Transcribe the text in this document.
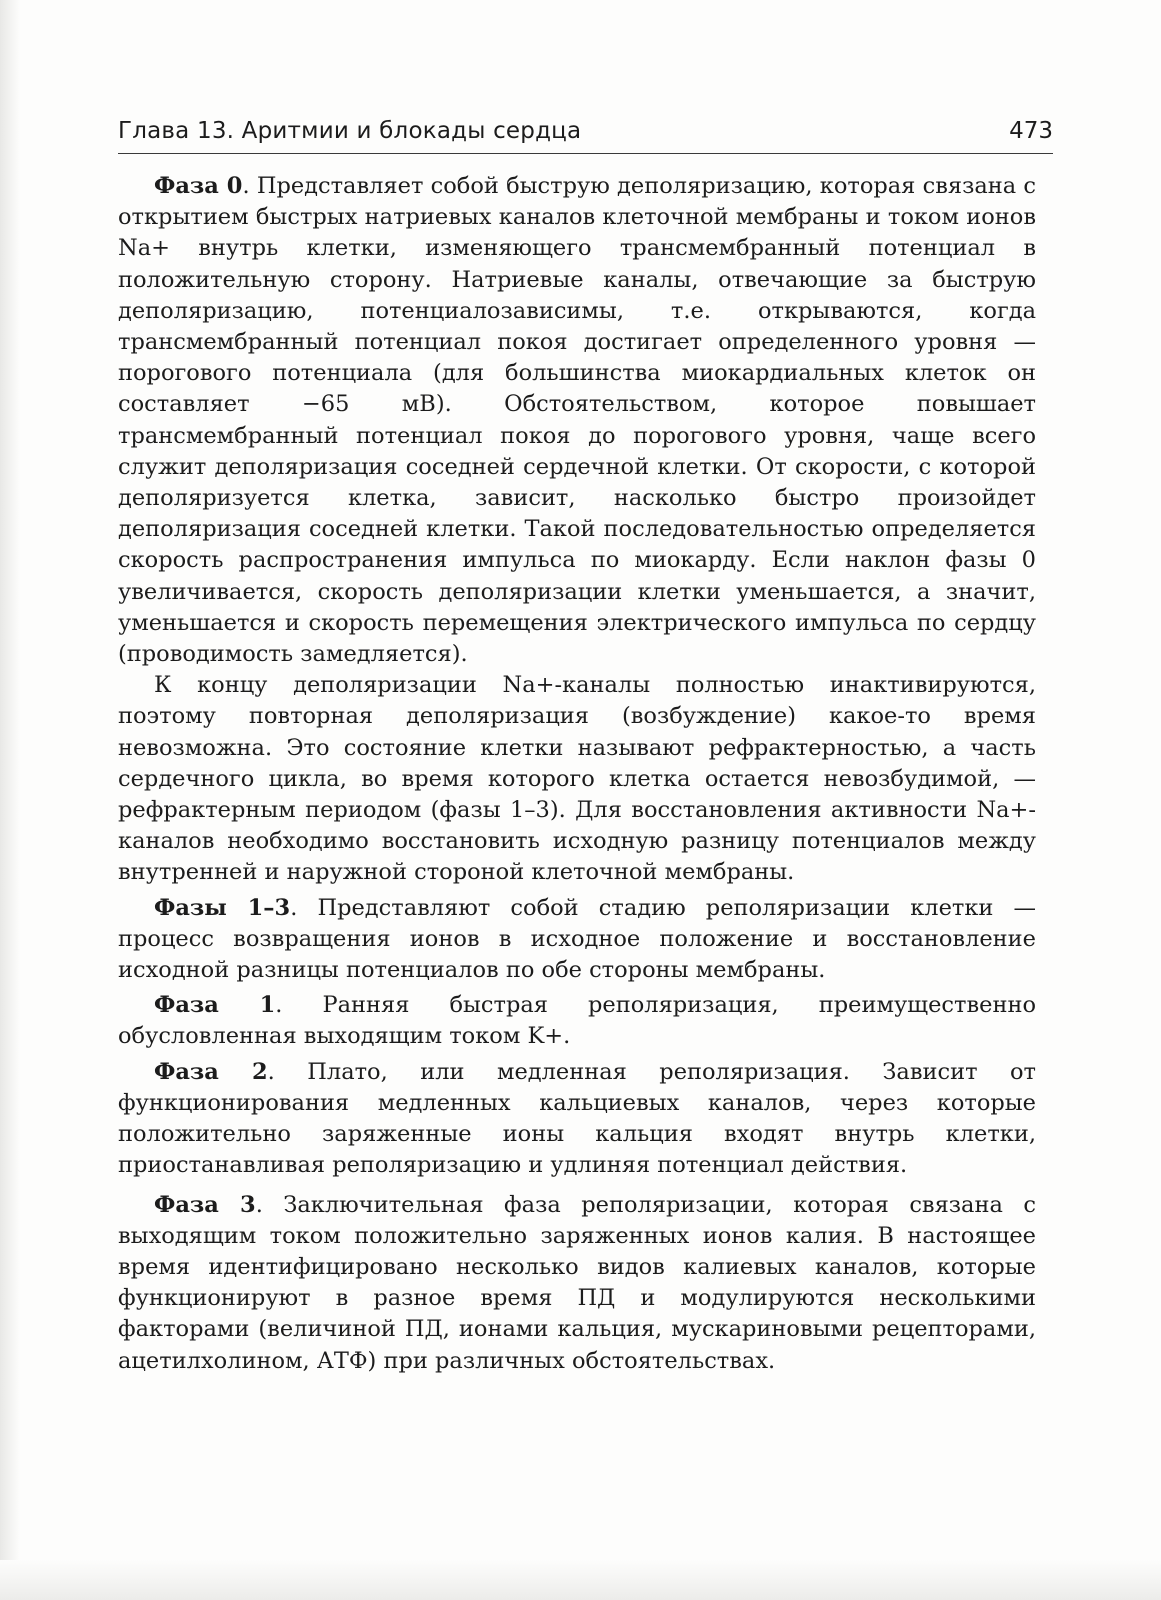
Глава 13. Аритмии и блокады сердца	473

Фаза 0. Представляет собой быструю деполяризацию, которая связана с открытием быстрых натриевых каналов клеточной мембраны и током ионов Na+ внутрь клетки, изменяющего трансмембранный потенциал в положительную сторону. Натриевые каналы, отвечающие за быструю деполяризацию, потенциалозависимы, т.е. открываются, когда трансмембранный потенциал покоя достигает определенного уровня — порогового потенциала (для большинства миокардиальных клеток он составляет −65 мВ). Обстоятельством, которое повышает трансмембранный потенциал покоя до порогового уровня, чаще всего служит деполяризация соседней сердечной клетки. От скорости, с которой деполяризуется клетка, зависит, насколько быстро произойдет деполяризация соседней клетки. Такой последовательностью определяется скорость распространения импульса по миокарду. Если наклон фазы 0 увеличивается, скорость деполяризации клетки уменьшается, а значит, уменьшается и скорость перемещения электрического импульса по сердцу (проводимость замедляется).

К концу деполяризации Na+-каналы полностью инактивируются, поэтому повторная деполяризация (возбуждение) какое-то время невозможна. Это состояние клетки называют рефрактерностью, а часть сердечного цикла, во время которого клетка остается невозбудимой, — рефрактерным периодом (фазы 1–3). Для восстановления активности Na+-каналов необходимо восстановить исходную разницу потенциалов между внутренней и наружной стороной клеточной мембраны.

Фазы 1–3. Представляют собой стадию реполяризации клетки — процесс возвращения ионов в исходное положение и восстановление исходной разницы потенциалов по обе стороны мембраны.

Фаза 1. Ранняя быстрая реполяризация, преимущественно обусловленная выходящим током K+.

Фаза 2. Плато, или медленная реполяризация. Зависит от функционирования медленных кальциевых каналов, через которые положительно заряженные ионы кальция входят внутрь клетки, приостанавливая реполяризацию и удлиняя потенциал действия.

Фаза 3. Заключительная фаза реполяризации, которая связана с выходящим током положительно заряженных ионов калия. В настоящее время идентифицировано несколько видов калиевых каналов, которые функционируют в разное время ПД и модулируются несколькими факторами (величиной ПД, ионами кальция, мускариновыми рецепторами, ацетилхолином, АТФ) при различных обстоятельствах.
